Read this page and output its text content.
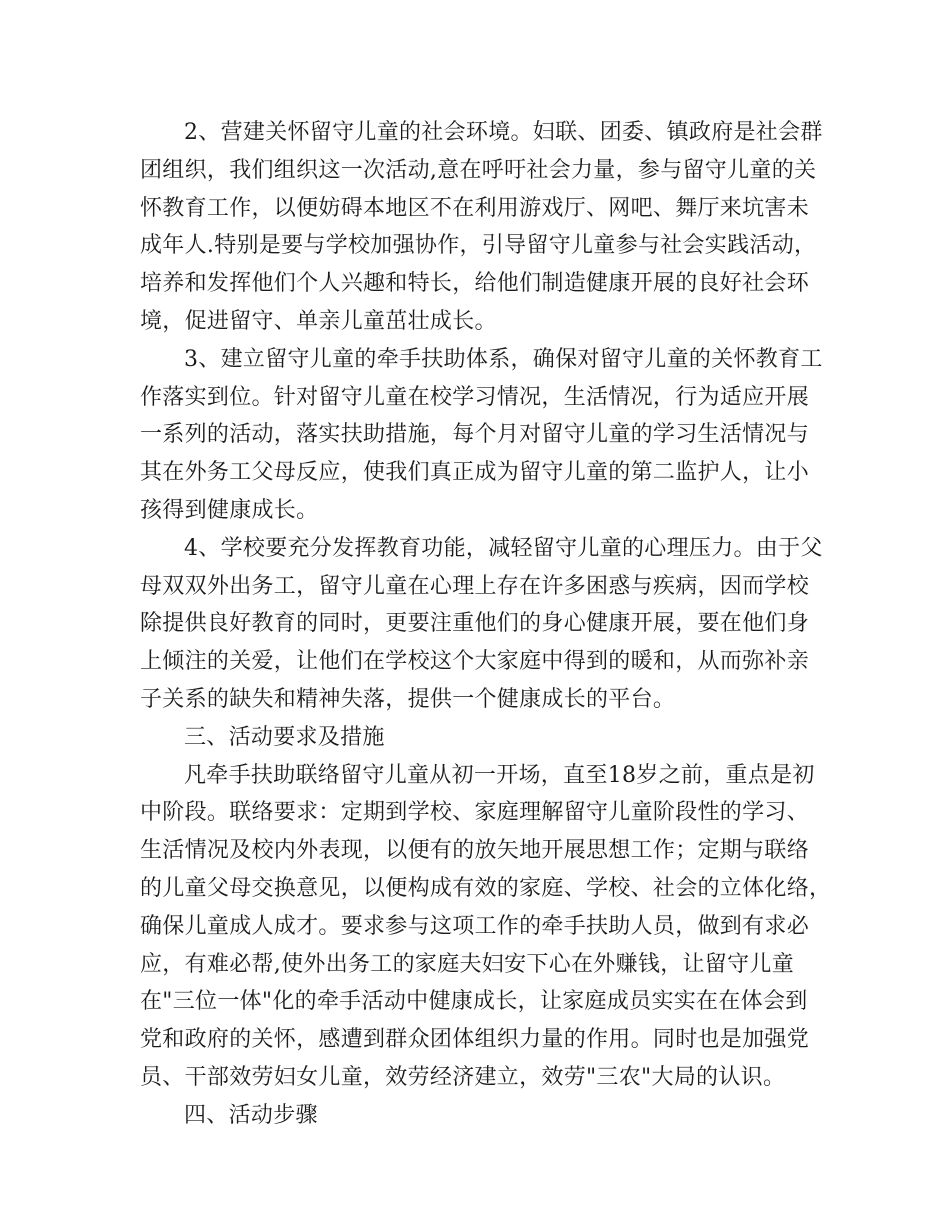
2、营建关怀留守儿童的社会环境。妇联、团委、镇政府是社会群
团组织，我们组织这一次活动,意在呼吁社会力量，参与留守儿童的关
怀教育工作，以便妨碍本地区不在利用游戏厅、网吧、舞厅来坑害未
成年人.特别是要与学校加强协作，引导留守儿童参与社会实践活动，
培养和发挥他们个人兴趣和特长，给他们制造健康开展的良好社会环
境，促进留守、单亲儿童茁壮成长。
3、建立留守儿童的牵手扶助体系，确保对留守儿童的关怀教育工
作落实到位。针对留守儿童在校学习情况，生活情况，行为适应开展
一系列的活动，落实扶助措施，每个月对留守儿童的学习生活情况与
其在外务工父母反应，使我们真正成为留守儿童的第二监护人，让小
孩得到健康成长。
4、学校要充分发挥教育功能，减轻留守儿童的心理压力。由于父
母双双外出务工，留守儿童在心理上存在许多困惑与疾病，因而学校
除提供良好教育的同时，更要注重他们的身心健康开展，要在他们身
上倾注的关爱，让他们在学校这个大家庭中得到的暖和，从而弥补亲
子关系的缺失和精神失落，提供一个健康成长的平台。
三、活动要求及措施
凡牵手扶助联络留守儿童从初一开场，直至18岁之前，重点是初
中阶段。联络要求：定期到学校、家庭理解留守儿童阶段性的学习、
生活情况及校内外表现，以便有的放矢地开展思想工作；定期与联络
的儿童父母交换意见，以便构成有效的家庭、学校、社会的立体化络，
确保儿童成人成才。要求参与这项工作的牵手扶助人员，做到有求必
应，有难必帮,使外出务工的家庭夫妇安下心在外赚钱，让留守儿童
在"三位一体"化的牵手活动中健康成长，让家庭成员实实在在体会到
党和政府的关怀，感遭到群众团体组织力量的作用。同时也是加强党
员、干部效劳妇女儿童，效劳经济建立，效劳"三农"大局的认识。
四、活动步骤
